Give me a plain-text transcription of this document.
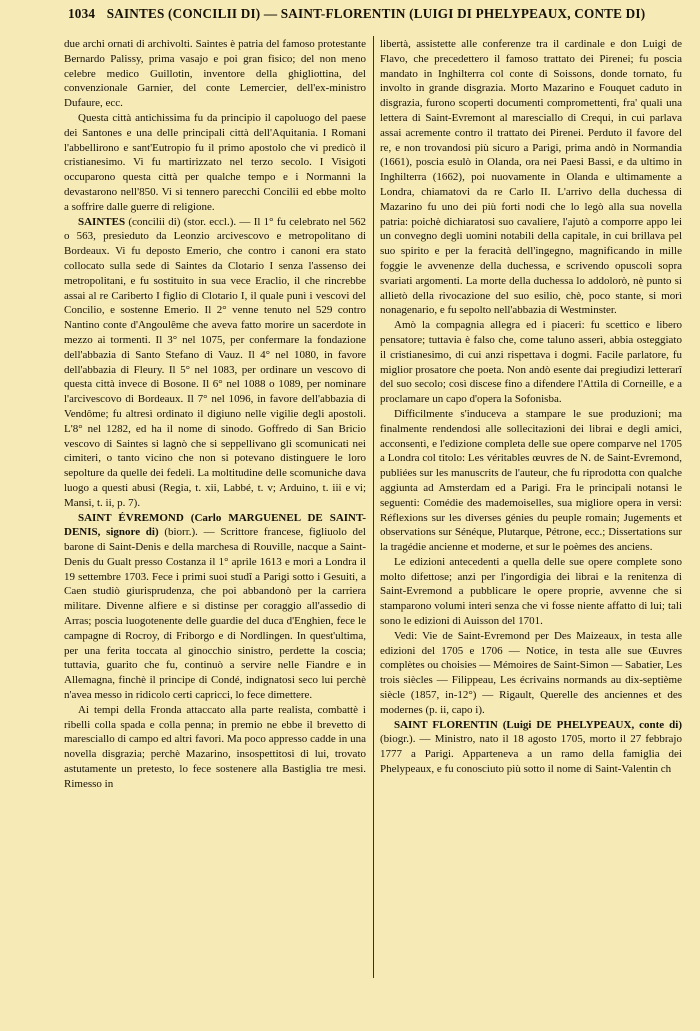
1034 SAINTES (CONCILII DI) — SAINT-FLORENTIN (LUIGI DI PHELYPEAUX, CONTE DI)

due archi ornati di archivolti. Saintes è patria del famoso protestante Bernardo Palissy, prima vasajo e poi gran fisico; del non meno celebre medico Guillotin, inventore della ghigliottina, del convenzionale Garnier, del conte Lemercier, dell'ex-ministro Dufaure, ecc.

Questa città antichissima fu da principio il capoluogo del paese dei Santones e una delle principali città dell'Aquitania. I Romani l'abbellirono e sant'Eutropio fu il primo apostolo che vi predicò il cristianesimo. Vi fu martirizzato nel terzo secolo. I Visigoti occuparono questa città per qualche tempo e i Normanni la devastarono nell'850. Vi si tennero parecchi Concilii ed ebbe molto a soffrire dalle guerre di religione.

SAINTES (concilii di) (stor. eccl.). — Il 1° fu celebrato nel 562 o 563, presieduto da Leonzio arcivescovo e metropolitano di Bordeaux. Vi fu deposto Emerio, che contro i canoni era stato collocato sulla sede di Saintes da Clotario I senza l'assenso dei metropolitani, e fu sostituito in sua vece Eraclio, il che rincrebbe assai al re Cariberto I figlio di Clotario I, il quale punì i vescovi del Concilio, e sostenne Emerio. Il 2° venne tenuto nel 529 contro Nantino conte d'Angoulême che aveva fatto morire un sacerdote in mezzo ai tormenti. Il 3° nel 1075, per confermare la fondazione dell'abbazia di Santo Stefano di Vauz. Il 4° nel 1080, in favore dell'abbazia di Fleury. Il 5° nel 1083, per ordinare un vescovo di questa città invece di Bosone. Il 6° nel 1088 o 1089, per nominare l'arcivescovo di Bordeaux. Il 7° nel 1096, in favore dell'abbazia di Vendôme; fu altresì ordinato il digiuno nelle vigilie degli apostoli. L'8° nel 1282, ed ha il nome di sinodo. Goffredo di San Bricio vescovo di Saintes si lagnò che si seppellivano gli scomunicati nei cimiteri, o tanto vicino che non si potevano distinguere le loro sepolture da quelle dei fedeli. La moltitudine delle scomuniche dava luogo a questi abusi (Regia, t. xii, Labbé, t. v; Arduino, t. iii e vi; Mansi, t. ii, p. 7).

SAINT ÉVREMOND (Carlo MARGUENEL DE SAINT-DENIS, signore di) (biorr.). — Scrittore francese, figliuolo del barone di Saint-Denis e della marchesa di Rouville, nacque a Saint-Denis du Gualt presso Costanza il 1° aprile 1613 e morì a Londra il 19 settembre 1703. Fece i primi suoi studî a Parigi sotto i Gesuiti, a Caen studiò giurisprudenza, che poi abbandonò per la carriera militare. Divenne alfiere e si distinse per coraggio all'assedio di Arras; poscia luogotenente delle guardie del duca d'Enghien, fece le campagne di Rocroy, di Friborgo e di Nordlingen. In quest'ultima, per una ferita toccata al ginocchio sinistro, perdette la coscia; tuttavia, guarito che fu, continuò a servire nelle Fiandre e in Allemagna, finchè il principe di Condé, indignatosi seco lui perchè n'avea messo in ridicolo certi capricci, lo fece dimettere.

Ai tempi della Fronda attaccato alla parte realista, combattè i ribelli colla spada e colla penna; in premio ne ebbe il brevetto di maresciallo di campo ed altri favori. Ma poco appresso cadde in una novella disgrazia; perchè Mazarino, insospettitosi di lui, trovato astutamente un pretesto, lo fece sostenere alla Bastiglia tre mesi. Rimesso in

libertà, assistette alle conferenze tra il cardinale e don Luigi de Flavo, che precedettero il famoso trattato dei Pirenei; fu poscia mandato in Inghilterra col conte di Soissons, donde tornato, fu involto in grande disgrazia. Morto Mazarino e Fouquet caduto in disgrazia, furono scoperti documenti compromettenti, fra' quali una lettera di Saint-Evremont al maresciallo di Crequi, in cui parlava assai acremente contro il trattato dei Pirenei. Perduto il favore del re, e non trovandosi più sicuro a Parigi, prima andò in Normandia (1661), poscia esulò in Olanda, ora nei Paesi Bassi, e da ultimo in Inghilterra (1662), poi nuovamente in Olanda e ultimamente a Londra, chiamatovi da re Carlo II. L'arrivo della duchessa di Mazarino fu uno dei più forti nodi che lo legò alla sua novella patria: poichè dichiaratosi suo cavaliere, l'ajutò a comporre appo lei un convegno degli uomini notabili della capitale, in cui brillava pel suo spirito e per la feracità dell'ingegno, magnificando in mille foggie le avvenenze della duchessa, e scrivendo opuscoli sopra svariati argomenti. La morte della duchessa lo addolorò, nè punto si allietò della rivocazione del suo esilio, chè, poco stante, si morì nonagenario, e fu sepolto nell'abbazia di Westminster.

Amò la compagnia allegra ed i piaceri: fu scettico e libero pensatore; tuttavia è falso che, come taluno asserì, abbia osteggiato il cristianesimo, di cui anzi rispettava i dogmi. Facile parlatore, fu miglior prosatore che poeta. Non andò esente dai pregiudizi letterarî del suo secolo; così discese fino a difendere l'Attila di Corneille, e a proclamare un capo d'opera la Sofonisba.

Difficilmente s'induceva a stampare le sue produzioni; ma finalmente rendendosi alle sollecitazioni dei librai e degli amici, acconsentì, e l'edizione completa delle sue opere comparve nel 1705 a Londra col titolo: Les véritables œuvres de N. de Saint-Evremond, publiées sur les manuscrits de l'auteur, che fu riprodotta con qualche aggiunta ad Amsterdam ed a Parigi. Fra le principali notansi le seguenti: Comédie des mademoiselles, sua migliore opera in versi: Réflexions sur les diverses génies du peuple romain; Jugements et observations sur Sénéque, Plutarque, Pétrone, ecc.; Dissertations sur la tragédie ancienne et moderne, et sur le poèmes des anciens.

Le edizioni antecedenti a quella delle sue opere complete sono molto difettose; anzi per l'ingordigia dei librai e la renitenza di Saint-Evremond a pubblicare le opere proprie, avvenne che si stamparono volumi interi senza che vi fosse niente affatto di lui; tali sono le edizioni di Auisson del 1701.

Vedi: Vie de Saint-Evremond per Des Maizeaux, in testa alle edizioni del 1705 e 1706 — Notice, in testa alle sue Œuvres complètes ou choisies — Mémoires de Saint-Simon — Sabatier, Les trois siècles — Filippeau, Les écrivains normands au dix-septième siècle (1857, in-12°) — Rigault, Querelle des anciennes et des modernes (p. ii, capo i).

SAINT FLORENTIN (Luigi DE PHELYPEAUX, conte di) (biogr.). — Ministro, nato il 18 agosto 1705, morto il 27 febbrajo 1777 a Parigi. Apparteneva a un ramo della famiglia dei Phelypeaux, e fu conosciuto più sotto il nome di Saint-Valentin ch
